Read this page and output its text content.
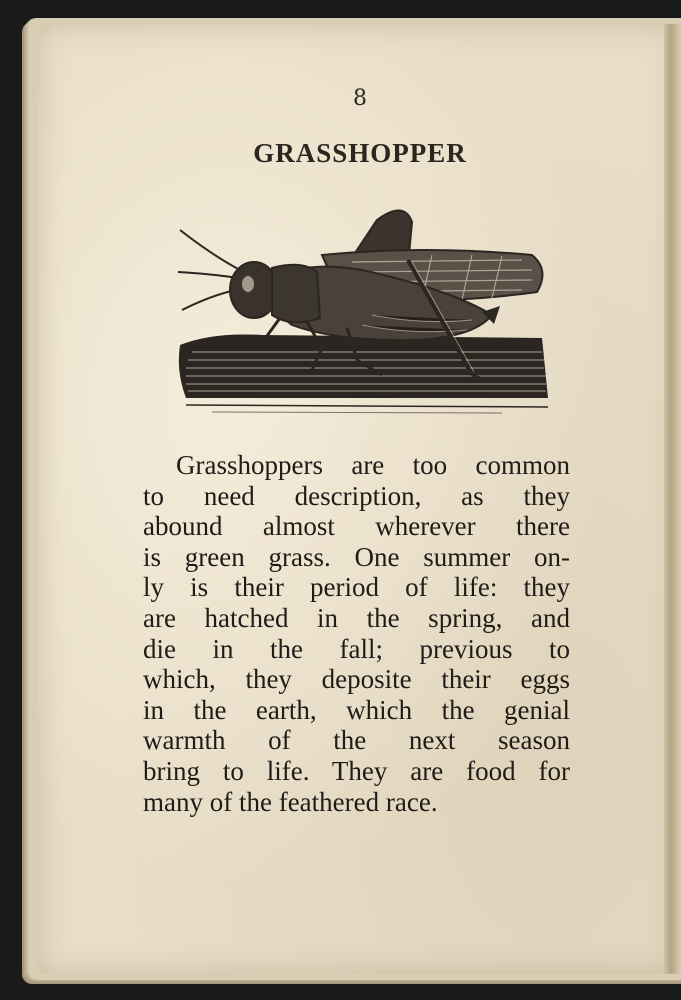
8
GRASSHOPPER
Grasshoppers are too common
to need description, as they
abound almost wherever there
is green grass. One summer on-
ly is their period of life: they
are hatched in the spring, and
die in the fall; previous to
which, they deposite their eggs
in the earth, which the genial
warmth of the next season
bring to life. They are food for
many of the feathered race.
